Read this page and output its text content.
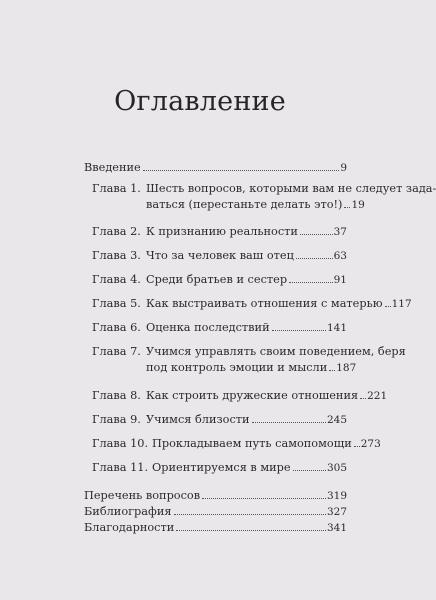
Оглавление
Введение	9
Глава 1. Шесть вопросов, которыми вам не следует зада-
ваться (перестаньте делать это!) 19
Глава 2. К признанию реальности	37
Глава 3. Что за человек ваш отец	63
Глава 4. Среди братьев и сестер	91
Глава 5. Как выстраивать отношения с матерью 117
Глава 6. Оценка последствий	141
Глава 7. Учимся управлять своим поведением, беря
под контроль эмоции и мысли 187
Глава 8. Как строить дружеские отношения 221
Глава 9. Учимся близости	245
Глава 10. Прокладываем путь самопомощи 273
Глава 11. Ориентируемся в мире	305
Перечень вопросов	319
Библиография	327
Благодарности	341
